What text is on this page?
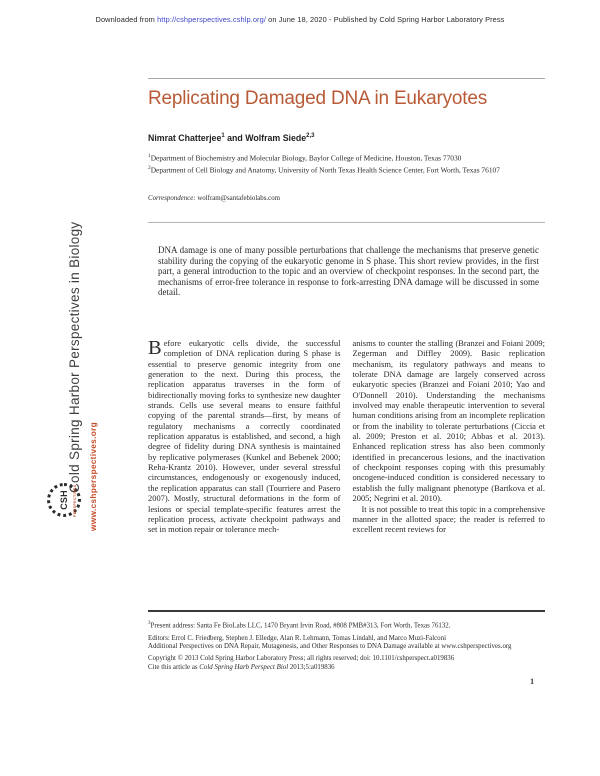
Downloaded from http://cshperspectives.cshlp.org/ on June 18, 2020 - Published by Cold Spring Harbor Laboratory Press
Cold Spring Harbor Perspectives in Biology www.cshperspectives.org
CSH PERSPECTIVES
Replicating Damaged DNA in Eukaryotes
Nimrat Chatterjee$^1$ and Wolfram Siede$^{2,3}$
$^1$Department of Biochemistry and Molecular Biology, Baylor College of Medicine, Houston, Texas 77030
$^2$Department of Cell Biology and Anatomy, University of North Texas Health Science Center, Fort Worth, Texas 76107
Correspondence: wolfram@santafebiolabs.com
DNA damage is one of many possible perturbations that challenge the mechanisms that preserve genetic stability during the copying of the eukaryotic genome in S phase. This short review provides, in the first part, a general introduction to the topic and an overview of checkpoint responses. In the second part, the mechanisms of error-free tolerance in response to fork-arresting DNA damage will be discussed in some detail.

Before eukaryotic cells divide, the successful completion of DNA replication during S phase is essential to preserve genomic integrity from one generation to the next. During this process, the replication apparatus traverses in the form of bidirectionally moving forks to synthesize new daughter strands. Cells use several means to ensure faithful copying of the parental strands—first, by means of regulatory mechanisms a correctly coordinated replication apparatus is established, and second, a high degree of fidelity during DNA synthesis is maintained by replicative polymerases (Kunkel and Bebenek 2000; Reha-Krantz 2010). However, under several stressful circumstances, endogenously or exogenously induced, the replication apparatus can stall (Tourriere and Pasero 2007). Mostly, structural deformations in the form of lesions or special template-specific features arrest the replication process, activate checkpoint pathways and set in motion repair or tolerance mech-

anisms to counter the stalling (Branzei and Foiani 2009; Zegerman and Diffley 2009). Basic replication mechanism, its regulatory pathways and means to tolerate DNA damage are largely conserved across eukaryotic species (Branzei and Foiani 2010; Yao and O'Donnell 2010). Understanding the mechanisms involved may enable therapeutic intervention to several human conditions arising from an incomplete replication or from the inability to tolerate perturbations (Ciccia et al. 2009; Preston et al. 2010; Abbas et al. 2013). Enhanced replication stress has also been commonly identified in precancerous lesions, and the inactivation of checkpoint responses coping with this presumably oncogene-induced condition is considered necessary to establish the fully malignant phenotype (Bartkova et al. 2005; Negrini et al. 2010).

It is not possible to treat this topic in a comprehensive manner in the allotted space; the reader is referred to excellent recent reviews for

$^3$Present address: Santa Fe BioLabs LLC, 1470 Bryant Irvin Road, #808 PMB#313, Fort Worth, Texas 76132.
Editors: Errol C. Friedberg, Stephen J. Elledge, Alan R. Lehmann, Tomas Lindahl, and Marco Muzi-Falconi
Additional Perspectives on DNA Repair, Mutagenesis, and Other Responses to DNA Damage available at www.cshperspectives.org
Copyright © 2013 Cold Spring Harbor Laboratory Press; all rights reserved; doi: 10.1101/cshperspect.a019836
Cite this article as Cold Spring Harb Perspect Biol 2013;5:a019836
1
